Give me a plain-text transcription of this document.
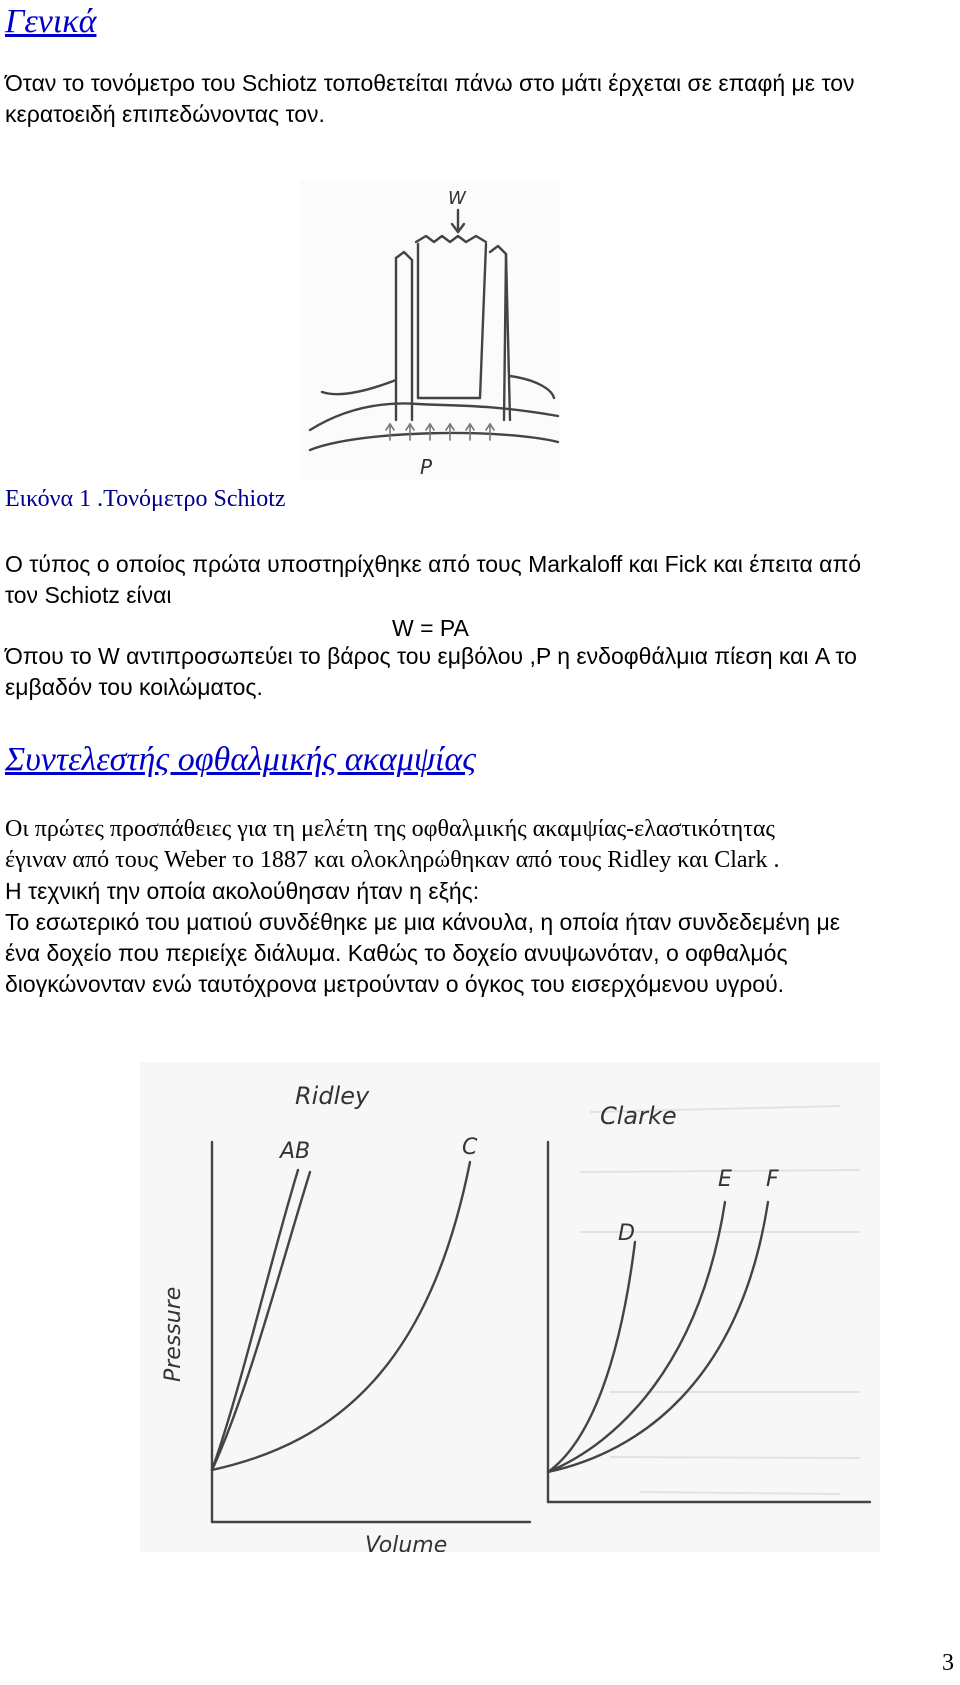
Γενικά
Όταν το τονόμετρο του Schiotz τοποθετείται πάνω στο μάτι έρχεται σε επαφή με τον
κερατοειδή επιπεδώνοντας τον.
W
P
Εικόνα 1 .Τονόμετρο Schiotz
Ο τύπος ο οποίος πρώτα υποστηρίχθηκε από τους Markaloff και Fick και έπειτα από
τον Schiotz είναι
W = PA
Όπου το W αντιπροσωπεύει το βάρος του εμβόλου ,P η ενδοφθάλμια πίεση και A το
εμβαδόν του κοιλώματος.
Συντελεστής οφθαλμικής ακαμψίας
Οι πρώτες προσπάθειες για τη μελέτη της οφθαλμικής ακαμψίας-ελαστικότητας
έγιναν από τους Weber το 1887 και ολοκληρώθηκαν από τους Ridley και Clark .
Η τεχνική την οποία ακολούθησαν ήταν η εξής:
Το εσωτερικό του ματιού συνδέθηκε με μια κάνουλα, η οποία ήταν συνδεδεμένη με
ένα δοχείο που περιείχε διάλυμα. Καθώς το δοχείο ανυψωνόταν, ο οφθαλμός
διογκώνονταν ενώ ταυτόχρονα μετρούνταν ο όγκος του εισερχόμενου υγρού.
Pressure
Volume
Ridley
AB	C
Clarke
D
E F
3
